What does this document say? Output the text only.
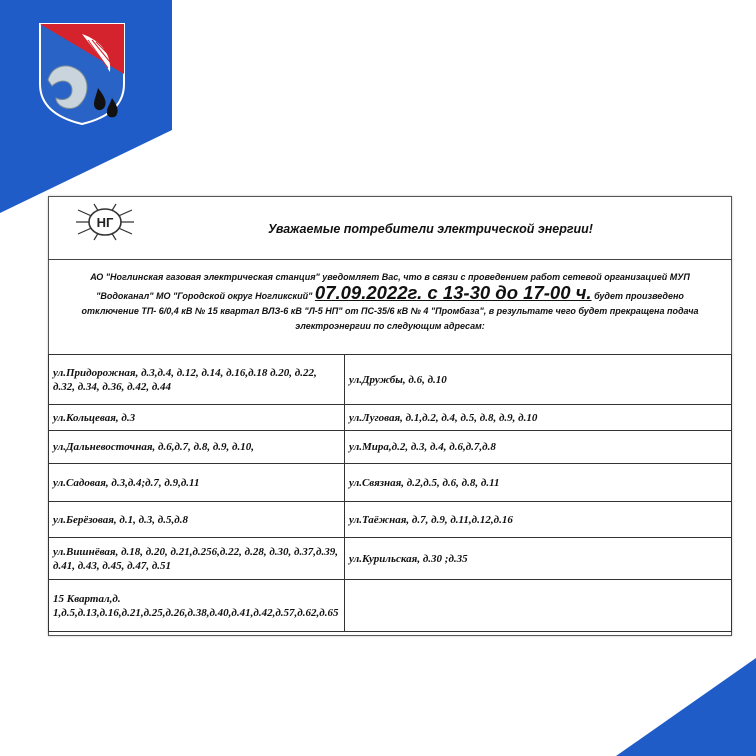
НГ	Уважаемые потребители электрической энергии!
АО "Ноглинская газовая электрическая станция" уведомляет Вас, что в связи с проведением работ сетевой организацией МУП
"Водоканал" МО "Городской округ Ногликский" 07.09.2022г. с 13-30 до 17-00 ч. будет произведено
отключение ТП- 6/0,4 кВ № 15 квартал ВЛЗ-6 кВ "Л-5 НП" от ПС-35/6 кВ № 4 "Промбаза", в результате чего будет прекращена подача
электроэнергии по следующим адресам:
ул.Придорожная, д.3,д.4, д.12, д.14, д.16,д.18 д.20, д.22, д.32, д.34, д.36, д.42, д.44	ул.Дружбы, д.6, д.10
ул.Кольцевая, д.3	ул.Луговая, д.1,д.2, д.4, д.5, д.8, д.9, д.10
ул.Дальневосточная, д.6,д.7, д.8, д.9, д.10,	ул.Мира,д.2, д.3, д.4, д.6,д.7,д.8
ул.Садовая, д.3,д.4;д.7, д.9,д.11	ул.Связная, д.2,д.5, д.6, д.8, д.11
ул.Берёзовая, д.1, д.3, д.5,д.8	ул.Таёжная, д.7, д.9, д.11,д.12,д.16
ул.Вишнёвая, д.18, д.20, д.21,д.256,д.22, д.28, д.30, д.37,д.39, д.41, д.43, д.45, д.47, д.51	ул.Курильская, д.30 ;д.35
15 Квартал,д. 1,д.5,д.13,д.16,д.21,д.25,д.26,д.38,д.40,д.41,д.42,д.57,д.62,д.65	
